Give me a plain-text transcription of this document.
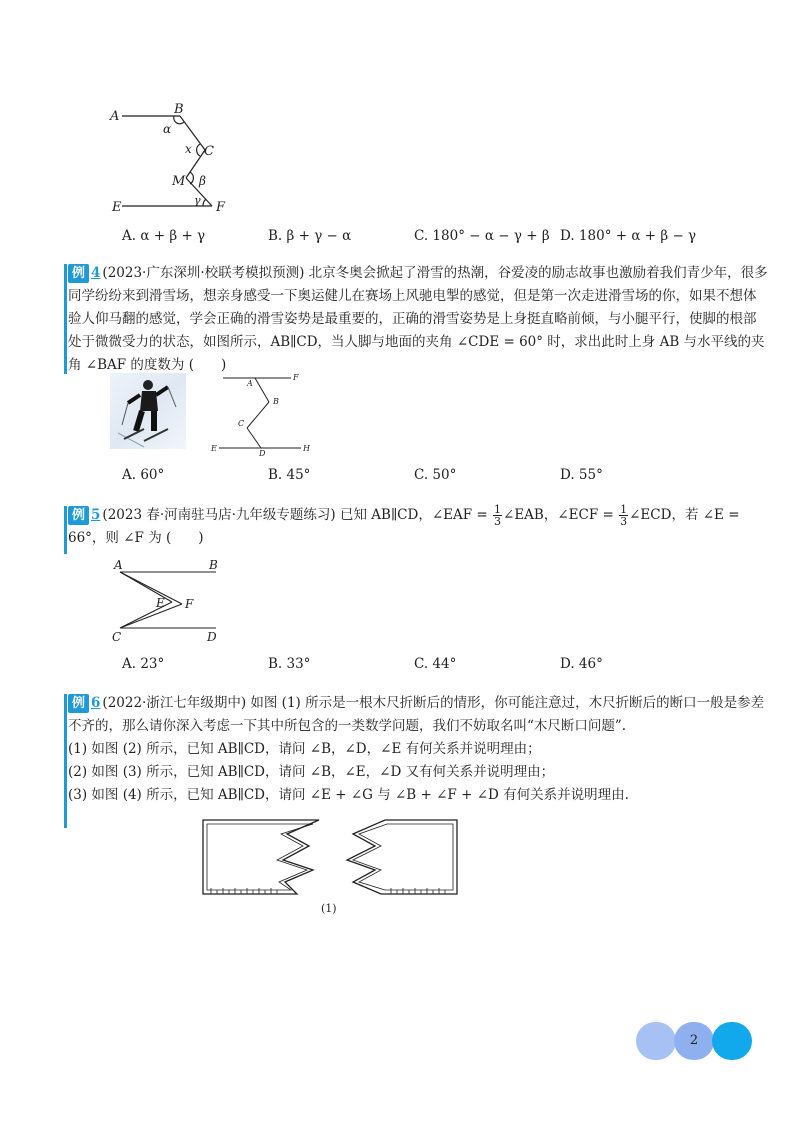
A	B
α
x C
M β
E	γ F
A. α + β + γ	B. β + γ − α	C. 180° − α − γ + β D. 180° + α + β − γ
例 4 (2023·广东深圳·校联考模拟预测) 北京冬奥会掀起了滑雪的热潮，谷爱凌的励志故事也激励着我们青少年，很多同学纷纷来到滑雪场，想亲身感受一下奥运健儿在赛场上风驰电掣的感觉，但是第一次走进滑雪场的你，如果不想体验人仰马翻的感觉，学会正确的滑雪姿势是最重要的，正确的滑雪姿势是上身挺直略前倾，与小腿平行，使脚的根部处于微微受力的状态，如图所示，AB∥CD，当人脚与地面的夹角 ∠CDE = 60° 时，求出此时上身 AB 与水平线的夹角 ∠BAF 的度数为 (　　)
A
F
B
C
E
D
H
A. 60°	B. 45°	C. 50°	D. 55°
例 5 (2023 春·河南驻马店·九年级专题练习) 已知 AB∥CD，∠EAF = $\frac{1}{3}$ ∠EAB，∠ECF = $\frac{1}{3}$ ∠ECD，若 ∠E = 66°，则 ∠F 为 (　　)
A	B
E F
C	D
A. 23°	B. 33°	C. 44°	D. 46°
例 6 (2022·浙江七年级期中) 如图 (1) 所示是一根木尺折断后的情形，你可能注意过，木尺折断后的断口一般是参差不齐的，那么请你深入考虑一下其中所包含的一类数学问题，我们不妨取名叫“木尺断口问题”.
(1) 如图 (2) 所示，已知 AB∥CD，请问 ∠B，∠D，∠E 有何关系并说明理由；
(2) 如图 (3) 所示，已知 AB∥CD，请问 ∠B，∠E，∠D 又有何关系并说明理由；
(3) 如图 (4) 所示，已知 AB∥CD，请问 ∠E + ∠G 与 ∠B + ∠F + ∠D 有何关系并说明理由.
(1)
2
